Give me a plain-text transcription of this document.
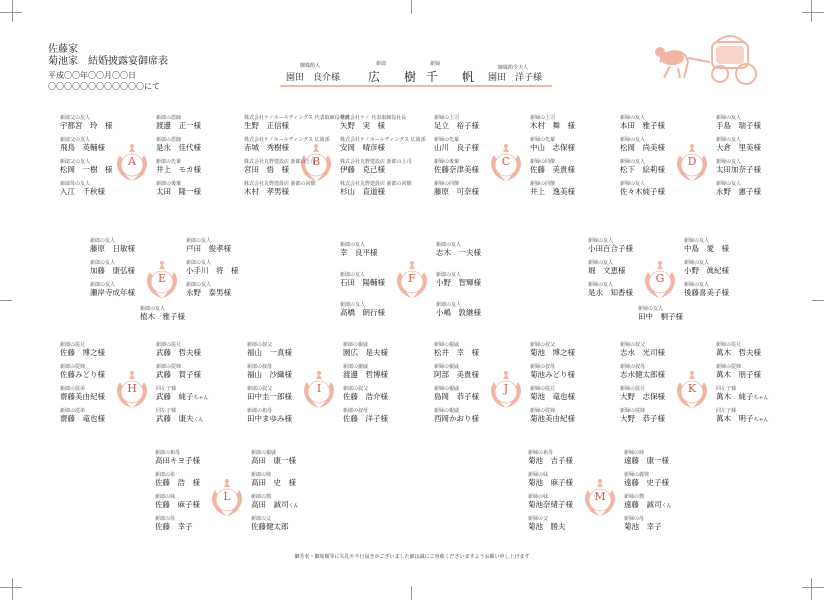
佐藤家
菊池家 結婚披露宴御席表
平成〇〇年〇〇月〇〇日
〇〇〇〇〇〇〇〇〇〇〇〇にて
御媒酌人
園田　良介様
新郎
広　樹
新婦
千　帆
御媒酌令夫人
園田　洋子様
A
新郎父の友人
宇都宮　玲　様
新郎の恩師
渡邊　正一様
新郎父の友人
飛鳥　英輔様
新郎の恩師
是永　佳代様
新郎父の友人
松岡　一樹　様
新郎の先輩
井上　モカ様
新郎母の友人
入江　千秋様
新郎の後輩
太田　隆一様
B
株式会社ケノホールディングス 代表取締役専務
生野　正信様
株式会社ケノ 代表取締役社長
矢野　実　様
株式会社ケノホールディングス 広報部
赤城　秀樹様
株式会社ケノホールディングス 広報部
安岡　晴彦様
株式会社丸野建設店 新郎の上司
宮田　悟　様
株式会社丸野建設店 新郎の上司
伊藤　克己様
株式会社丸野建設店 新郎の同僚
木村　孝男様
株式会社丸野建設店 新郎の同僚
杉山　直道様
C
新婦の上司
足立　裕子様
新婦の上司
木村　舞　様
新婦の先輩
山川　良子様
新婦の先輩
中山　志保様
新婦の後輩
佐藤奈津美様
新婦の同僚
佐藤　美貴様
新婦の同僚
藤原　可奈様
新婦の同僚
井上　逸美様
D
新婦の友人
本田　雅子様
新婦の友人
手島　瑞子様
新婦の友人
松岡　尚美様
新婦の友人
大倉　里美様
新婦の友人
松下　絵莉様
新婦の友人
太田加奈子様
新婦の友人
佐々木純子様
新婦の友人
永野　憲子様
E
新郎の友人
藤原　日敏様
新郎の友人
加藤　康弘様
新郎の友人
瀬岸寺成年様
新郎の友人
植木　雅子様
新郎の友人
戸田　俊孝様
新郎の友人
小手川　将　様
新郎の友人
永野　泰男様
F
新郎の友人
幸　良平様
新郎の友人
志木　一夫様
新郎の友人
石田　陽輔様
新郎の友人
小野　智輝様
新郎の友人
高橋　朗行様
新郎の友人
小嶋　敦継様
G
新婦の友人
小田百合子様
新婦の友人
堀　文恵様
新婦の友人
是永　知香様
新婦の友人
田中　桐子様
新婦の友人
中島　愛　様
新婦の友人
小野　眞紀様
新婦の友人
後藤喜美子様
H
新郎の従兄
佐藤　博之様
新郎の従兄
武藤　哲夫様
新郎の従姉
佐藤みどり様
新郎の従姉
武藤　賀子様
新郎の従弟
齋藤美由紀様
同左子様
武藤　純子ちゃん
新郎の従弟
齋藤　竜也様
同左子様
武藤　康夫くん
I
新郎の叔父
福山　一真様
新郎の親戚
園広　是夫様
新郎の叔母
福山　沙織様
新郎の親戚
渡邊　哲博様
新郎の叔父
田中圭一郎様
新郎の叔父
佐藤　浩介様
新郎の祖母
田中まゆみ様
新郎の叔母
佐藤　洋子様
J
新婦の親戚
松井　幸　様
新婦の叔父
菊池　博之様
新婦の親戚
阿部　美貴様
新婦の叔母
菊池みどり様
新婦の親戚
島岡　恭子様
新婦の従兄
菊池　竜也様
新婦の親戚
西岡かおり様
新婦の従姉
菊池美由紀様
K
新婦の叔父
志水　光司様
新婦の従兄
萬木　哲夫様
新婦の叔母
志水健太郎様
新婦の従姉
萬木　朋子様
新婦の従兄
大野　志保様
同左子様
萬木　純子ちゃん
新婦の従姉
大野　恭子様
同左子様
萬木　明子ちゃん
L
新郎の祖母
高田キヨ子様
新郎の親戚
高田　康一様
新郎の弟
佐藤　浩　様
新郎の姉
高田　史　様
新郎の妹
佐藤　麻子様
新郎の甥
高田　誠司くん
新郎の母
佐藤　幸子
新郎の父
佐藤健太郎
M
新婦の祖母
菊池　吉子様
新婦の姉
遠藤　康一様
新婦の妹
菊池　麻子様
新婦の義姉
遠藤　史子様
新婦の妹
菊池奈緒子様
新婦の甥
遠藤　誠司くん
新婦の父
菊池　勝夫
新婦の母
菊池　幸子
御芳名・御席順等に失礼や不行届きがございました節は誠にご容赦くださいますようお願い申し上げます
